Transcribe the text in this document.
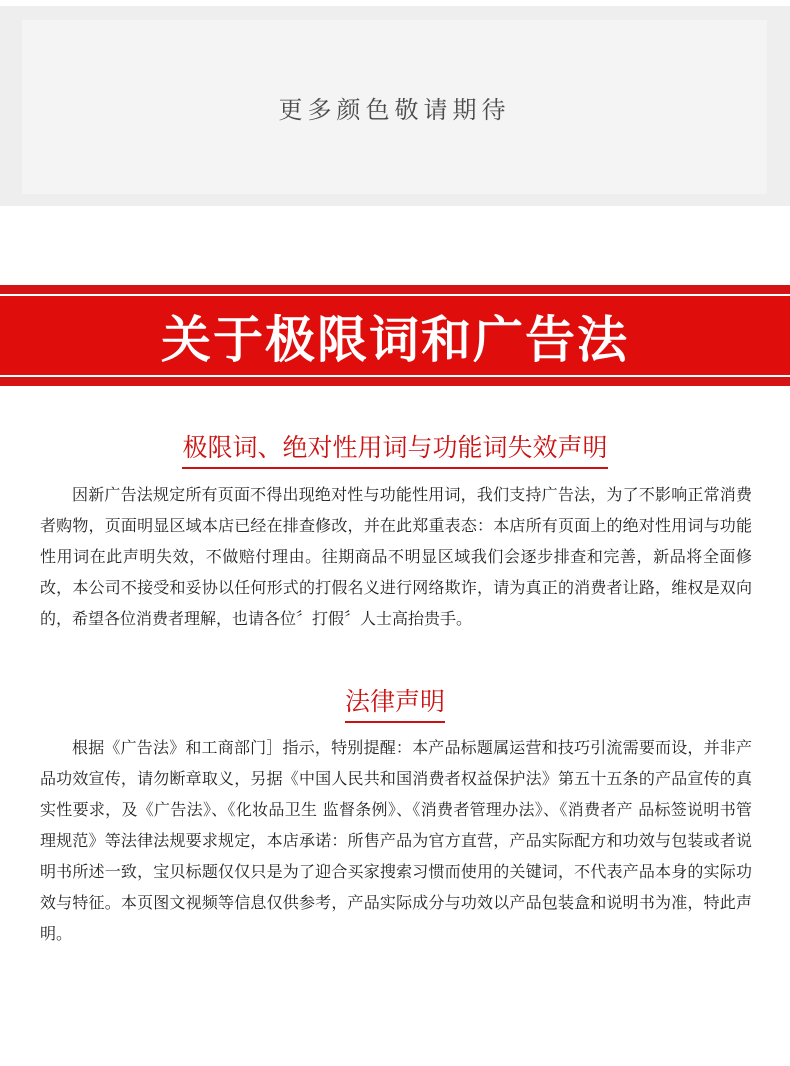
更多颜色敬请期待
关于极限词和广告法
极限词、绝对性用词与功能词失效声明

因新广告法规定所有页面不得出现绝对性与功能性用词，我们支持广告法，为了不影响正常消费者购物，页面明显区域本店已经在排查修改，并在此郑重表态：本店所有页面上的绝对性用词与功能性用词在此声明失效，不做赔付理由。往期商品不明显区域我们会逐步排查和完善，新品将全面修改，本公司不接受和妥协以任何形式的打假名义进行网络欺诈，请为真正的消费者让路，维权是双向的，希望各位消费者理解，也请各位〞打假〞人士高抬贵手。

法律声明

根据《广告法》和工商部门］指示，特别提醒：本产品标题属运营和技巧引流需要而设，并非产品功效宣传，请勿断章取义，另据《中国人民共和国消费者权益保护法》第五十五条的产品宣传的真实性要求，及《广告法》、《化妆品卫生 监督条例》、《消费者管理办法》、《消费者产 品标签说明书管理规范》等法律法规要求规定，本店承诺：所售产品为官方直营，产品实际配方和功效与包装或者说明书所述一致，宝贝标题仅仅只是为了迎合买家搜索习惯而使用的关键词，不代表产品本身的实际功效与特征。本页图文视频等信息仅供参考，产品实际成分与功效以产品包装盒和说明书为准，特此声明。
